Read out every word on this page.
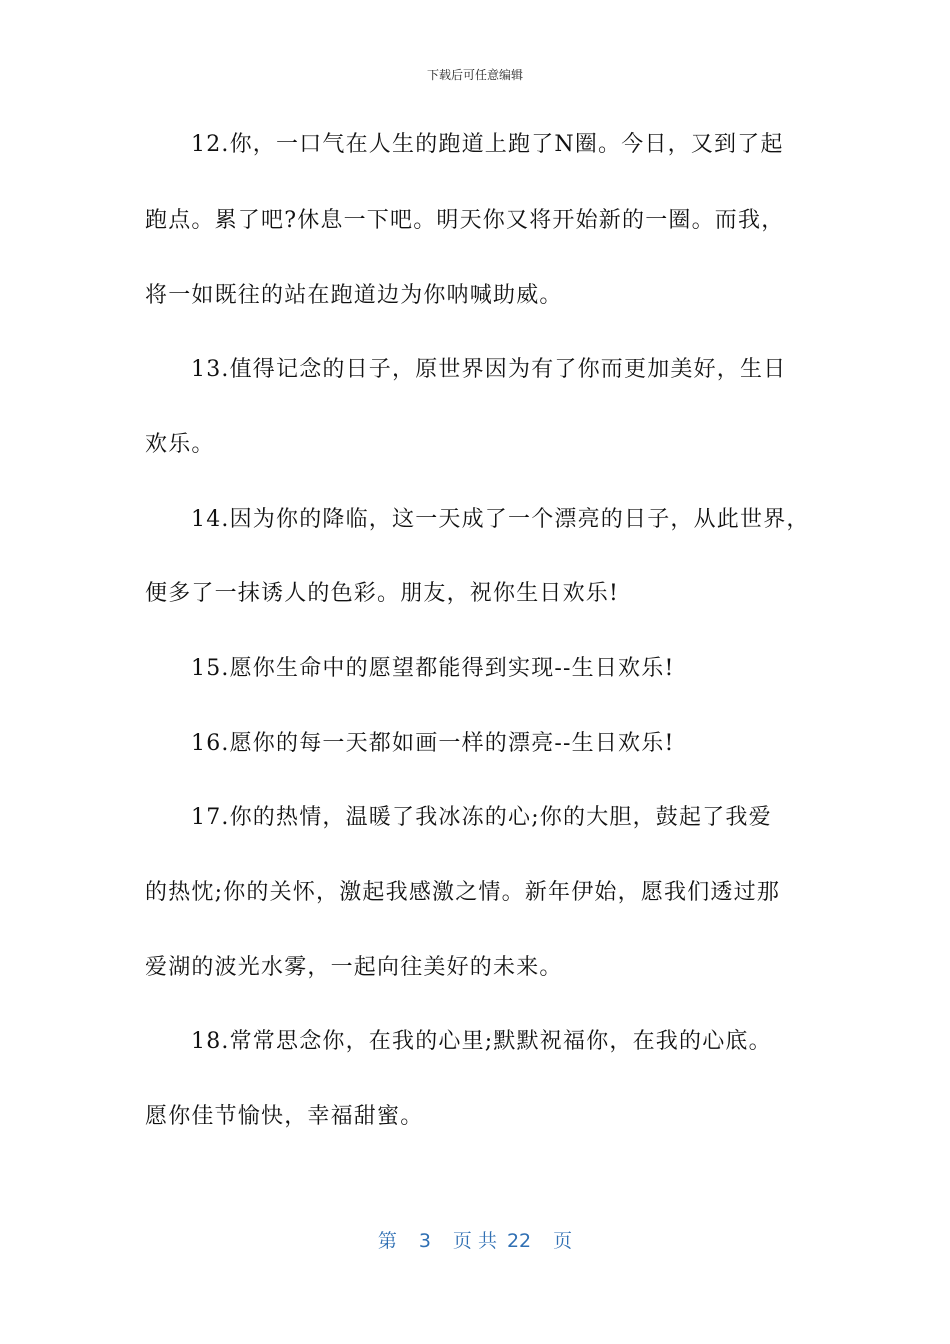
下载后可任意编辑
12.你，一口气在人生的跑道上跑了N圈。今日，又到了起
跑点。累了吧?休息一下吧。明天你又将开始新的一圈。而我，
将一如既往的站在跑道边为你呐喊助威。
13.值得记念的日子，原世界因为有了你而更加美好，生日
欢乐。
14.因为你的降临，这一天成了一个漂亮的日子，从此世界，
便多了一抹诱人的色彩。朋友，祝你生日欢乐!
15.愿你生命中的愿望都能得到实现--生日欢乐!
16.愿你的每一天都如画一样的漂亮--生日欢乐!
17.你的热情，温暖了我冰冻的心;你的大胆，鼓起了我爱
的热忱;你的关怀，激起我感激之情。新年伊始，愿我们透过那
爱湖的波光水雾，一起向往美好的未来。
18.常常思念你，在我的心里;默默祝福你，在我的心底。
愿你佳节愉快，幸福甜蜜。
第 3 页 共 22 页
